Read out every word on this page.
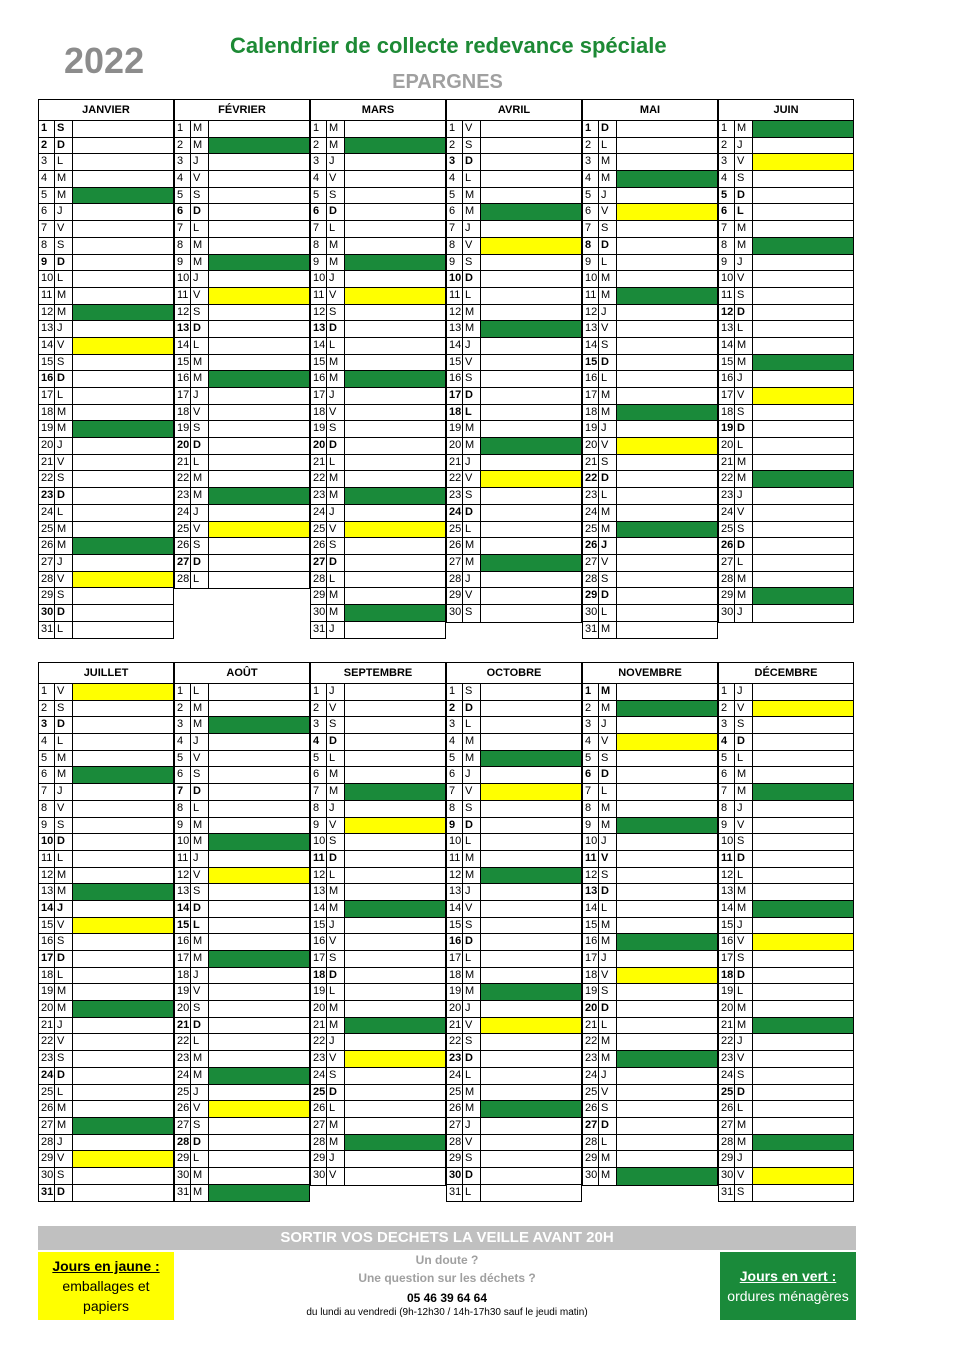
2022	Calendrier de collecte redevance spéciale
EPARGNES
JANVIER
1 S
2 D
3 L
4 M
5 M
6 J
7 V
8 S
9 D
10 L
11 M
12 M
13 J
14 V
15 S
16 D
17 L
18 M
19 M
20 J
21 V
22 S
23 D
24 L
25 M
26 M
27 J
28 V
29 S
30 D
31 L
FÉVRIER
1 M
2 M
3 J
4 V
5 S
6 D
7 L
8 M
9 M
10 J
11 V
12 S
13 D
14 L
15 M
16 M
17 J
18 V
19 S
20 D
21 L
22 M
23 M
24 J
25 V
26 S
27 D
28 L
MARS
1 M
2 M
3 J
4 V
5 S
6 D
7 L
8 M
9 M
10 J
11 V
12 S
13 D
14 L
15 M
16 M
17 J
18 V
19 S
20 D
21 L
22 M
23 M
24 J
25 V
26 S
27 D
28 L
29 M
30 M
31 J
AVRIL
1 V
2 S
3 D
4 L
5 M
6 M
7 J
8 V
9 S
10 D
11 L
12 M
13 M
14 J
15 V
16 S
17 D
18 L
19 M
20 M
21 J
22 V
23 S
24 D
25 L
26 M
27 M
28 J
29 V
30 S
MAI
1 D
2 L
3 M
4 M
5 J
6 V
7 S
8 D
9 L
10 M
11 M
12 J
13 V
14 S
15 D
16 L
17 M
18 M
19 J
20 V
21 S
22 D
23 L
24 M
25 M
26 J
27 V
28 S
29 D
30 L
31 M
JUIN
1 M
2 J
3 V
4 S
5 D
6 L
7 M
8 M
9 J
10 V
11 S
12 D
13 L
14 M
15 M
16 J
17 V
18 S
19 D
20 L
21 M
22 M
23 J
24 V
25 S
26 D
27 L
28 M
29 M
30 J
JUILLET
1 V
2 S
3 D
4 L
5 M
6 M
7 J
8 V
9 S
10 D
11 L
12 M
13 M
14 J
15 V
16 S
17 D
18 L
19 M
20 M
21 J
22 V
23 S
24 D
25 L
26 M
27 M
28 J
29 V
30 S
31 D
AOÛT
1 L
2 M
3 M
4 J
5 V
6 S
7 D
8 L
9 M
10 M
11 J
12 V
13 S
14 D
15 L
16 M
17 M
18 J
19 V
20 S
21 D
22 L
23 M
24 M
25 J
26 V
27 S
28 D
29 L
30 M
31 M
SEPTEMBRE
1 J
2 V
3 S
4 D
5 L
6 M
7 M
8 J
9 V
10 S
11 D
12 L
13 M
14 M
15 J
16 V
17 S
18 D
19 L
20 M
21 M
22 J
23 V
24 S
25 D
26 L
27 M
28 M
29 J
30 V
OCTOBRE
1 S
2 D
3 L
4 M
5 M
6 J
7 V
8 S
9 D
10 L
11 M
12 M
13 J
14 V
15 S
16 D
17 L
18 M
19 M
20 J
21 V
22 S
23 D
24 L
25 M
26 M
27 J
28 V
29 S
30 D
31 L
NOVEMBRE
1 M
2 M
3 J
4 V
5 S
6 D
7 L
8 M
9 M
10 J
11 V
12 S
13 D
14 L
15 M
16 M
17 J
18 V
19 S
20 D
21 L
22 M
23 M
24 J
25 V
26 S
27 D
28 L
29 M
30 M
DÉCEMBRE
1 J
2 V
3 S
4 D
5 L
6 M
7 M
8 J
9 V
10 S
11 D
12 L
13 M
14 M
15 J
16 V
17 S
18 D
19 L
20 M
21 M
22 J
23 V
24 S
25 D
26 L
27 M
28 M
29 J
30 V
31 S
SORTIR VOS DECHETS LA VEILLE AVANT 20H
Jours en jaune :
emballages et papiers
Un doute ?
Une question sur les déchets ?
05 46 39 64 64
du lundi au vendredi (9h-12h30 / 14h-17h30 sauf le jeudi matin)
Jours en vert :
ordures ménagères
